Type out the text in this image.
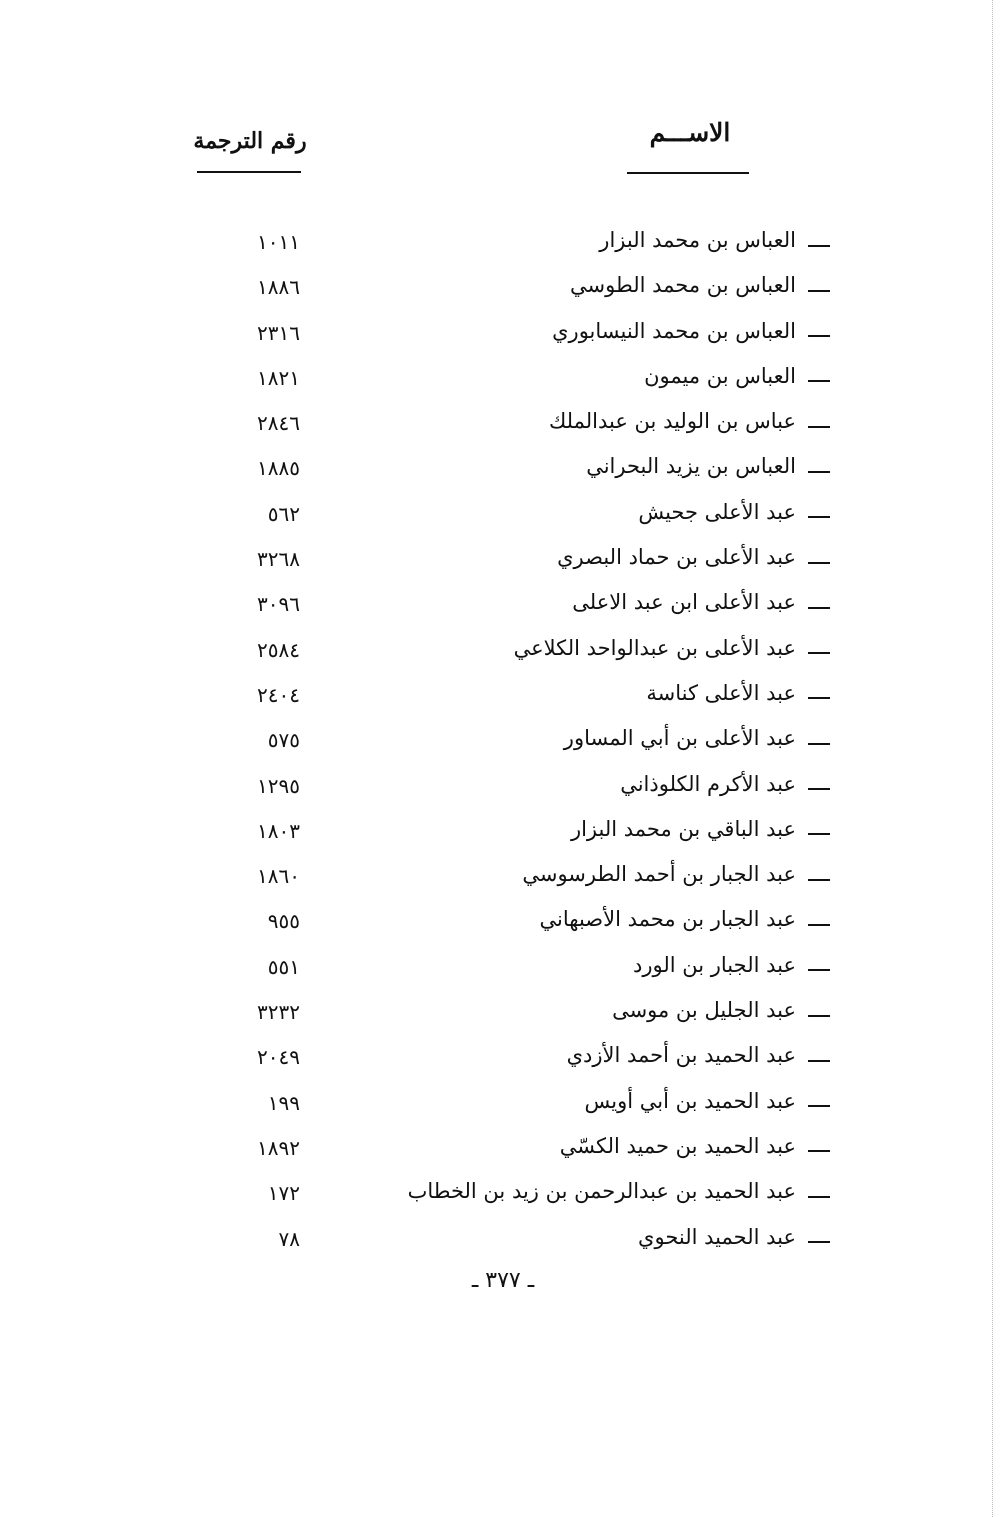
الاســـم
رقم الترجمة
العباس بن محمد البزار
١٠١١
العباس بن محمد الطوسي
١٨٨٦
العباس بن محمد النيسابوري
٢٣١٦
العباس بن ميمون
١٨٢١
عباس بن الوليد بن عبدالملك
٢٨٤٦
العباس بن يزيد البحراني
١٨٨٥
عبد الأعلى جحيش
٥٦٢
عبد الأعلى بن حماد البصري
٣٢٦٨
عبد الأعلى ابن عبد الاعلى
٣٠٩٦
عبد الأعلى بن عبدالواحد الكلاعي
٢٥٨٤
عبد الأعلى كناسة
٢٤٠٤
عبد الأعلى بن أبي المساور
٥٧٥
عبد الأكرم الكلوذاني
١٢٩٥
عبد الباقي بن محمد البزار
١٨٠٣
عبد الجبار بن أحمد الطرسوسي
١٨٦٠
عبد الجبار بن محمد الأصبهاني
٩٥٥
عبد الجبار بن الورد
٥٥١
عبد الجليل بن موسى
٣٢٣٢
عبد الحميد بن أحمد الأزدي
٢٠٤٩
عبد الحميد بن أبي أويس
١٩٩
عبد الحميد بن حميد الكسّي
١٨٩٢
عبد الحميد بن عبدالرحمن بن زيد بن الخطاب
١٧٢
عبد الحميد النحوي
٧٨
ـ ٣٧٧ ـ
